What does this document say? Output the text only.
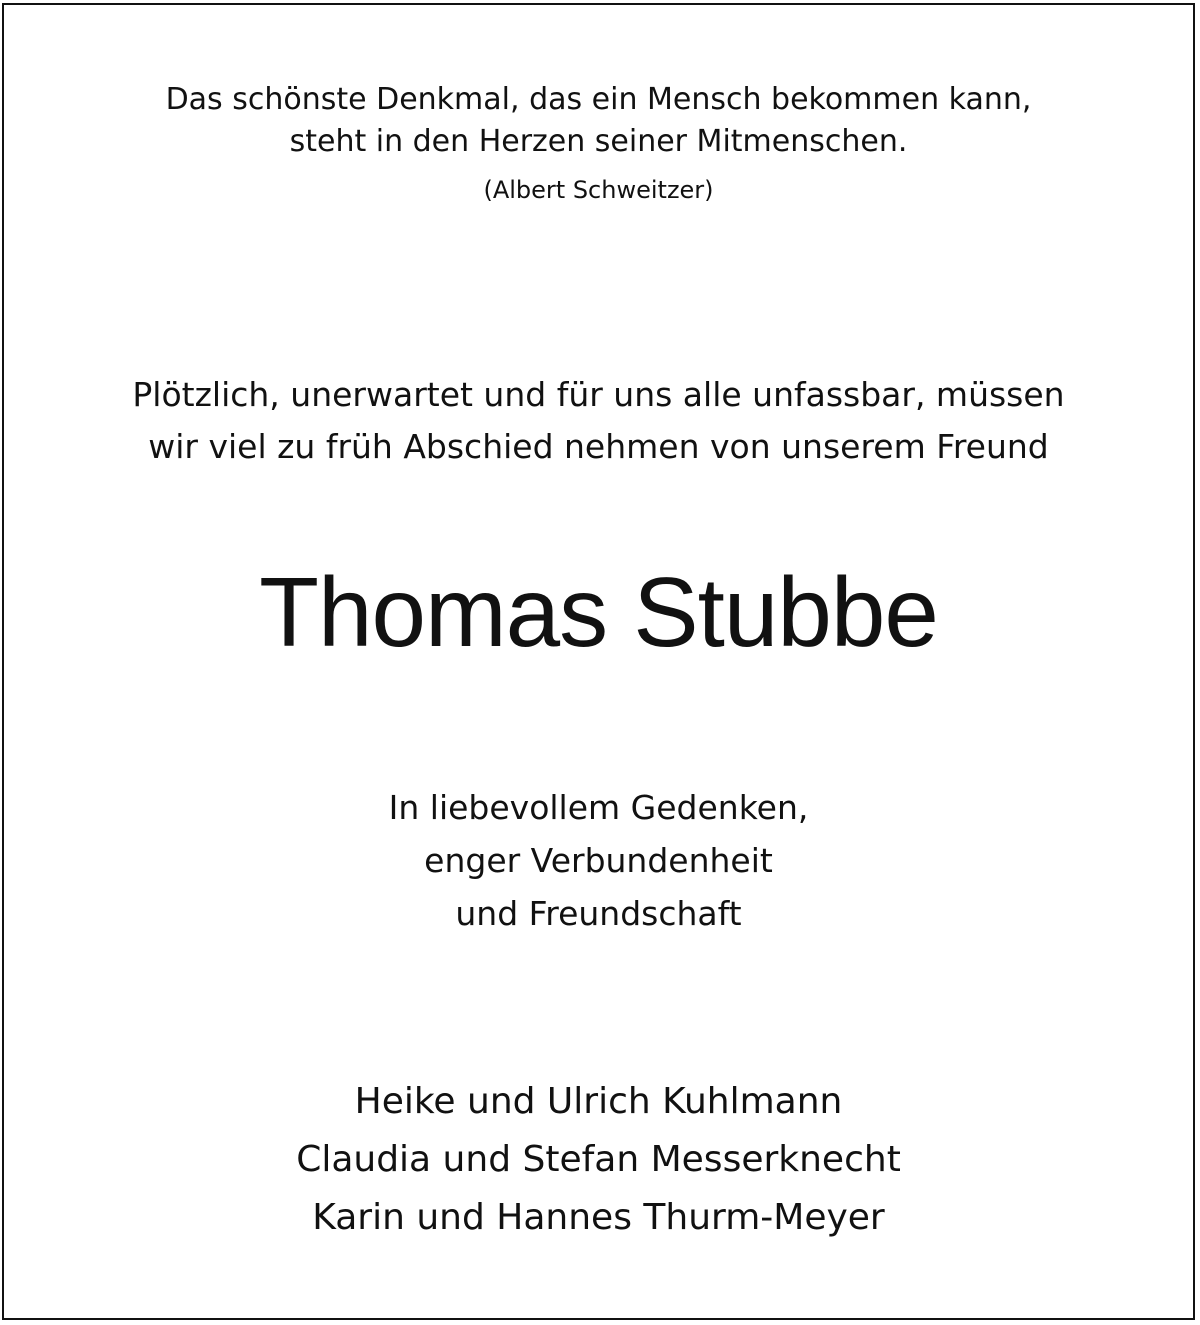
Das schönste Denkmal, das ein Mensch bekommen kann,
steht in den Herzen seiner Mitmenschen.
(Albert Schweitzer)
Plötzlich, unerwartet und für uns alle unfassbar, müssen
wir viel zu früh Abschied nehmen von unserem Freund
Thomas Stubbe
In liebevollem Gedenken,
enger Verbundenheit
und Freundschaft
Heike und Ulrich Kuhlmann
Claudia und Stefan Messerknecht
Karin und Hannes Thurm-Meyer
